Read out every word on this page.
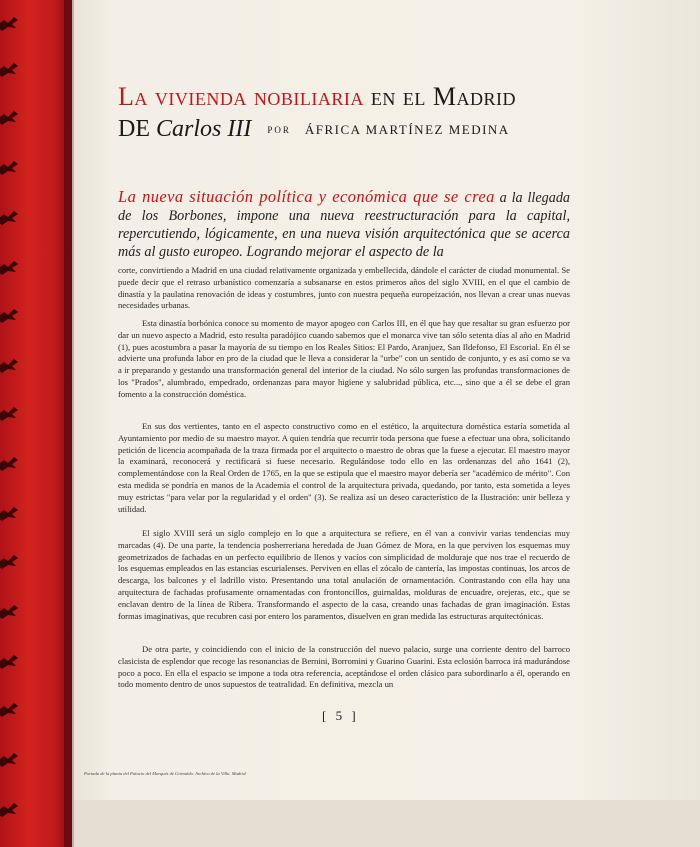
La vivienda nobiliaria en el Madrid
DE Carlos III POR ÁFRICA MARTÍNEZ MEDINA
La nueva situación política y económica que se crea a la llegada de los Borbones, impone una nueva reestructuración para la capital, repercutiendo, lógicamente, en una nueva visión arquitectónica que se acerca más al gusto europeo. Logrando mejorar el aspecto de la

corte, convirtiendo a Madrid en una ciudad relativamente organizada y embellecida, dándole el carácter de ciudad monumental. Se puede decir que el retraso urbanístico comenzaría a subsanarse en estos primeros años del siglo XVIII, en el que el cambio de dinastía y la paulatina renovación de ideas y costumbres, junto con nuestra pequeña europeización, nos llevan a crear unas nuevas necesidades urbanas.

Esta dinastía borbónica conoce su momento de mayor apogeo con Carlos III, en él que hay que resaltar su gran esfuerzo por dar un nuevo aspecto a Madrid, esto resulta paradójico cuando sabemos que el monarca vive tan sólo setenta días al año en Madrid (1), pues acostumbra a pasar la mayoría de su tiempo en los Reales Sitios: El Pardo, Aranjuez, San Ildefonso, El Escorial. En él se advierte una profunda labor en pro de la ciudad que le lleva a considerar la "urbe" con un sentido de conjunto, y es así como se va a ir preparando y gestando una transformación general del interior de la ciudad. No sólo surgen las profundas transformaciones de los "Prados", alumbrado, empedrado, ordenanzas para mayor higiene y salubridad pública, etc..., sino que a él se debe el gran fomento a la construcción doméstica.

En sus dos vertientes, tanto en el aspecto constructivo como en el estético, la arquitectura doméstica estaría sometida al Ayuntamiento por medio de su maestro mayor. A quien tendría que recurrir toda persona que fuese a efectuar una obra, solicitando petición de licencia acompañada de la traza firmada por el arquitecto o maestro de obras que la fuese a ejecutar. El maestro mayor la examinará, reconocerá y rectificará si fuese necesario. Regulándose todo ello en las ordenanzas del año 1641 (2), complementándose con la Real Orden de 1765, en la que se estipula que el maestro mayor debería ser "académico de mérito". Con esta medida se pondría en manos de la Academia el control de la arquitectura privada, quedando, por tanto, esta sometida a leyes muy estrictas "para velar por la regularidad y el orden" (3). Se realiza así un deseo característico de la Ilustración: unir belleza y utilidad.

El siglo XVIII será un siglo complejo en lo que a arquitectura se refiere, en él van a convivir varias tendencias muy marcadas (4). De una parte, la tendencia posherreriana heredada de Juan Gómez de Mora, en la que perviven los esquemas muy geometrizados de fachadas en un perfecto equilibrio de llenos y vacíos con simplicidad de molduraje que nos trae el recuerdo de los esquemas empleados en las estancias escurialenses. Perviven en ellas el zócalo de cantería, las impostas continuas, los arcos de descarga, los balcones y el ladrillo visto. Presentando una total anulación de ornamentación. Contrastando con ella hay una arquitectura de fachadas profusamente ornamentadas con frontoncillos, guirnaldas, molduras de encuadre, orejeras, etc., que se enclavan dentro de la línea de Ribera. Transformando el aspecto de la casa, creando unas fachadas de gran imaginación. Estas formas imaginativas, que recubren casi por entero los paramentos, disuelven en gran medida las estructuras arquitectónicas.

De otra parte, y coincidiendo con el inicio de la construcción del nuevo palacio, surge una corriente dentro del barroco clasicista de esplendor que recoge las resonancias de Bernini, Borromini y Guarino Guarini. Esta eclosión barroca irá madurándose poco a poco. En ella el espacio se impone a toda otra referencia, aceptándose el orden clásico para subordinarlo a él, operando en todo momento dentro de unos supuestos de teatralidad. En definitiva, mezcla un

[ 5 ]
Portada de la planta del Palacio del Marqués de Grimaldo. Archivo de la Villa. Madrid.
